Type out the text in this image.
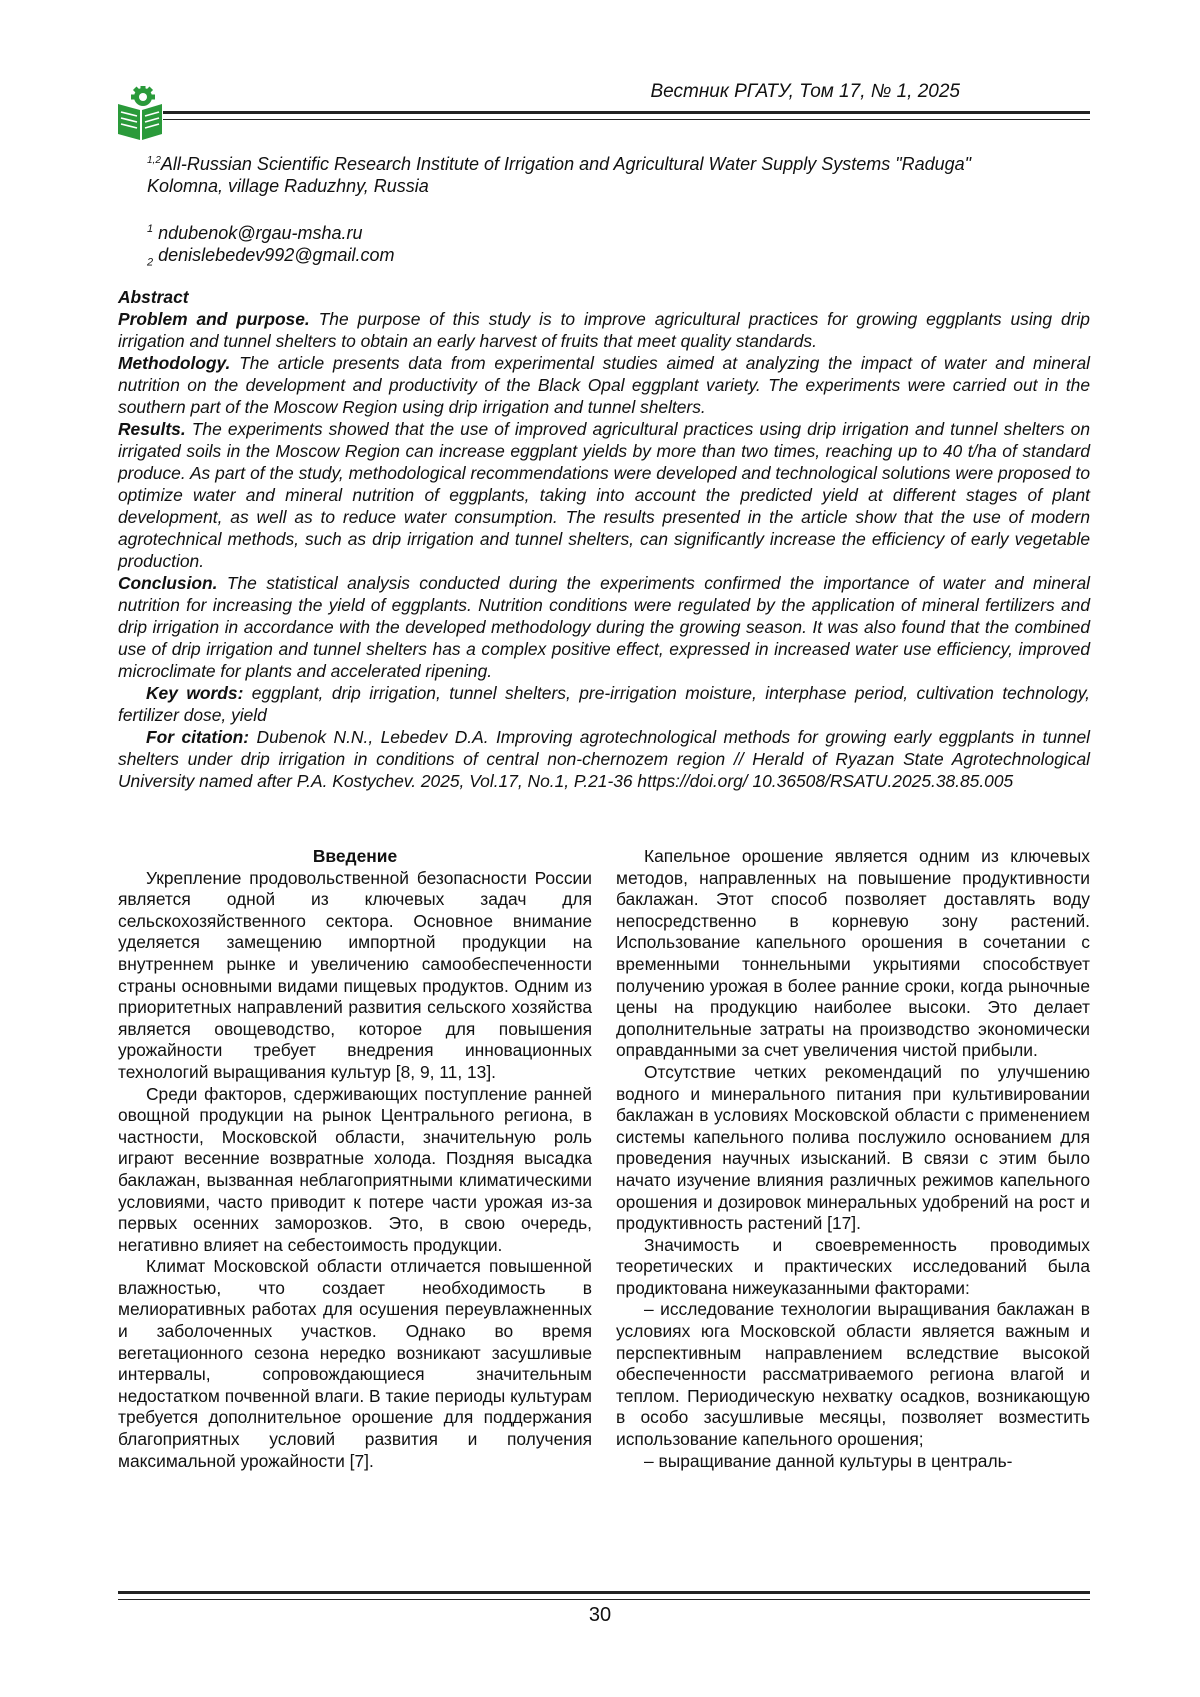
Вестник РГАТУ, Том 17, № 1, 2025
$^{1,2}$All-Russian Scientific Research Institute of Irrigation and Agricultural Water Supply Systems "Raduga"
Kolomna, village Raduzhny, Russia
$^1$ ndubenok@rgau-msha.ru
$_2$ denislebedev992@gmail.com

Abstract

Problem and purpose. The purpose of this study is to improve agricultural practices for growing eggplants using drip irrigation and tunnel shelters to obtain an early harvest of fruits that meet quality standards.

Methodology. The article presents data from experimental studies aimed at analyzing the impact of water and mineral nutrition on the development and productivity of the Black Opal eggplant variety. The experiments were carried out in the southern part of the Moscow Region using drip irrigation and tunnel shelters.

Results. The experiments showed that the use of improved agricultural practices using drip irrigation and tunnel shelters on irrigated soils in the Moscow Region can increase eggplant yields by more than two times, reaching up to 40 t/ha of standard produce. As part of the study, methodological recommendations were developed and technological solutions were proposed to optimize water and mineral nutrition of eggplants, taking into account the predicted yield at different stages of plant development, as well as to reduce water consumption. The results presented in the article show that the use of modern agrotechnical methods, such as drip irrigation and tunnel shelters, can significantly increase the efficiency of early vegetable production.

Conclusion. The statistical analysis conducted during the experiments confirmed the importance of water and mineral nutrition for increasing the yield of eggplants. Nutrition conditions were regulated by the application of mineral fertilizers and drip irrigation in accordance with the developed methodology during the growing season. It was also found that the combined use of drip irrigation and tunnel shelters has a complex positive effect, expressed in increased water use efficiency, improved microclimate for plants and accelerated ripening.

Key words: eggplant, drip irrigation, tunnel shelters, pre-irrigation moisture, interphase period, cultivation technology, fertilizer dose, yield

For citation: Dubenok N.N., Lebedev D.A. Improving agrotechnological methods for growing early eggplants in tunnel shelters under drip irrigation in conditions of central non-chernozem region // Herald of Ryazan State Agrotechnological University named after P.A. Kostychev. 2025, Vol.17, No.1, P.21-36 https://doi.org/ 10.36508/RSATU.2025.38.85.005

Введение

Укрепление продовольственной безопасности России является одной из ключевых задач для сельскохозяйственного сектора. Основное внимание уделяется замещению импортной продукции на внутреннем рынке и увеличению самообеспеченности страны основными видами пищевых продуктов. Одним из приоритетных направлений развития сельского хозяйства является овощеводство, которое для повышения урожайности требует внедрения инновационных технологий выращивания культур [8, 9, 11, 13].

Среди факторов, сдерживающих поступление ранней овощной продукции на рынок Центрального региона, в частности, Московской области, значительную роль играют весенние возвратные холода. Поздняя высадка баклажан, вызванная неблагоприятными климатическими условиями, часто приводит к потере части урожая из-за первых осенних заморозков. Это, в свою очередь, негативно влияет на себестоимость продукции.

Климат Московской области отличается повышенной влажностью, что создает необходимость в мелиоративных работах для осушения переувлажненных и заболоченных участков. Однако во время вегетационного сезона нередко возникают засушливые интервалы, сопровождающиеся значительным недостатком почвенной влаги. В такие периоды культурам требуется дополнительное орошение для поддержания благоприятных условий развития и получения максимальной урожайности [7].

Капельное орошение является одним из ключевых методов, направленных на повышение продуктивности баклажан. Этот способ позволяет доставлять воду непосредственно в корневую зону растений. Использование капельного орошения в сочетании с временными тоннельными укрытиями способствует получению урожая в более ранние сроки, когда рыночные цены на продукцию наиболее высоки. Это делает дополнительные затраты на производство экономически оправданными за счет увеличения чистой прибыли.

Отсутствие четких рекомендаций по улучшению водного и минерального питания при культивировании баклажан в условиях Московской области с применением системы капельного полива послужило основанием для проведения научных изысканий. В связи с этим было начато изучение влияния различных режимов капельного орошения и дозировок минеральных удобрений на рост и продуктивность растений [17].

Значимость и своевременность проводимых теоретических и практических исследований была продиктована нижеуказанными факторами:

– исследование технологии выращивания баклажан в условиях юга Московской области является важным и перспективным направлением вследствие высокой обеспеченности рассматриваемого региона влагой и теплом. Периодическую нехватку осадков, возникающую в особо засушливые месяцы, позволяет возместить использование капельного орошения;

– выращивание данной культуры в централь-

30
